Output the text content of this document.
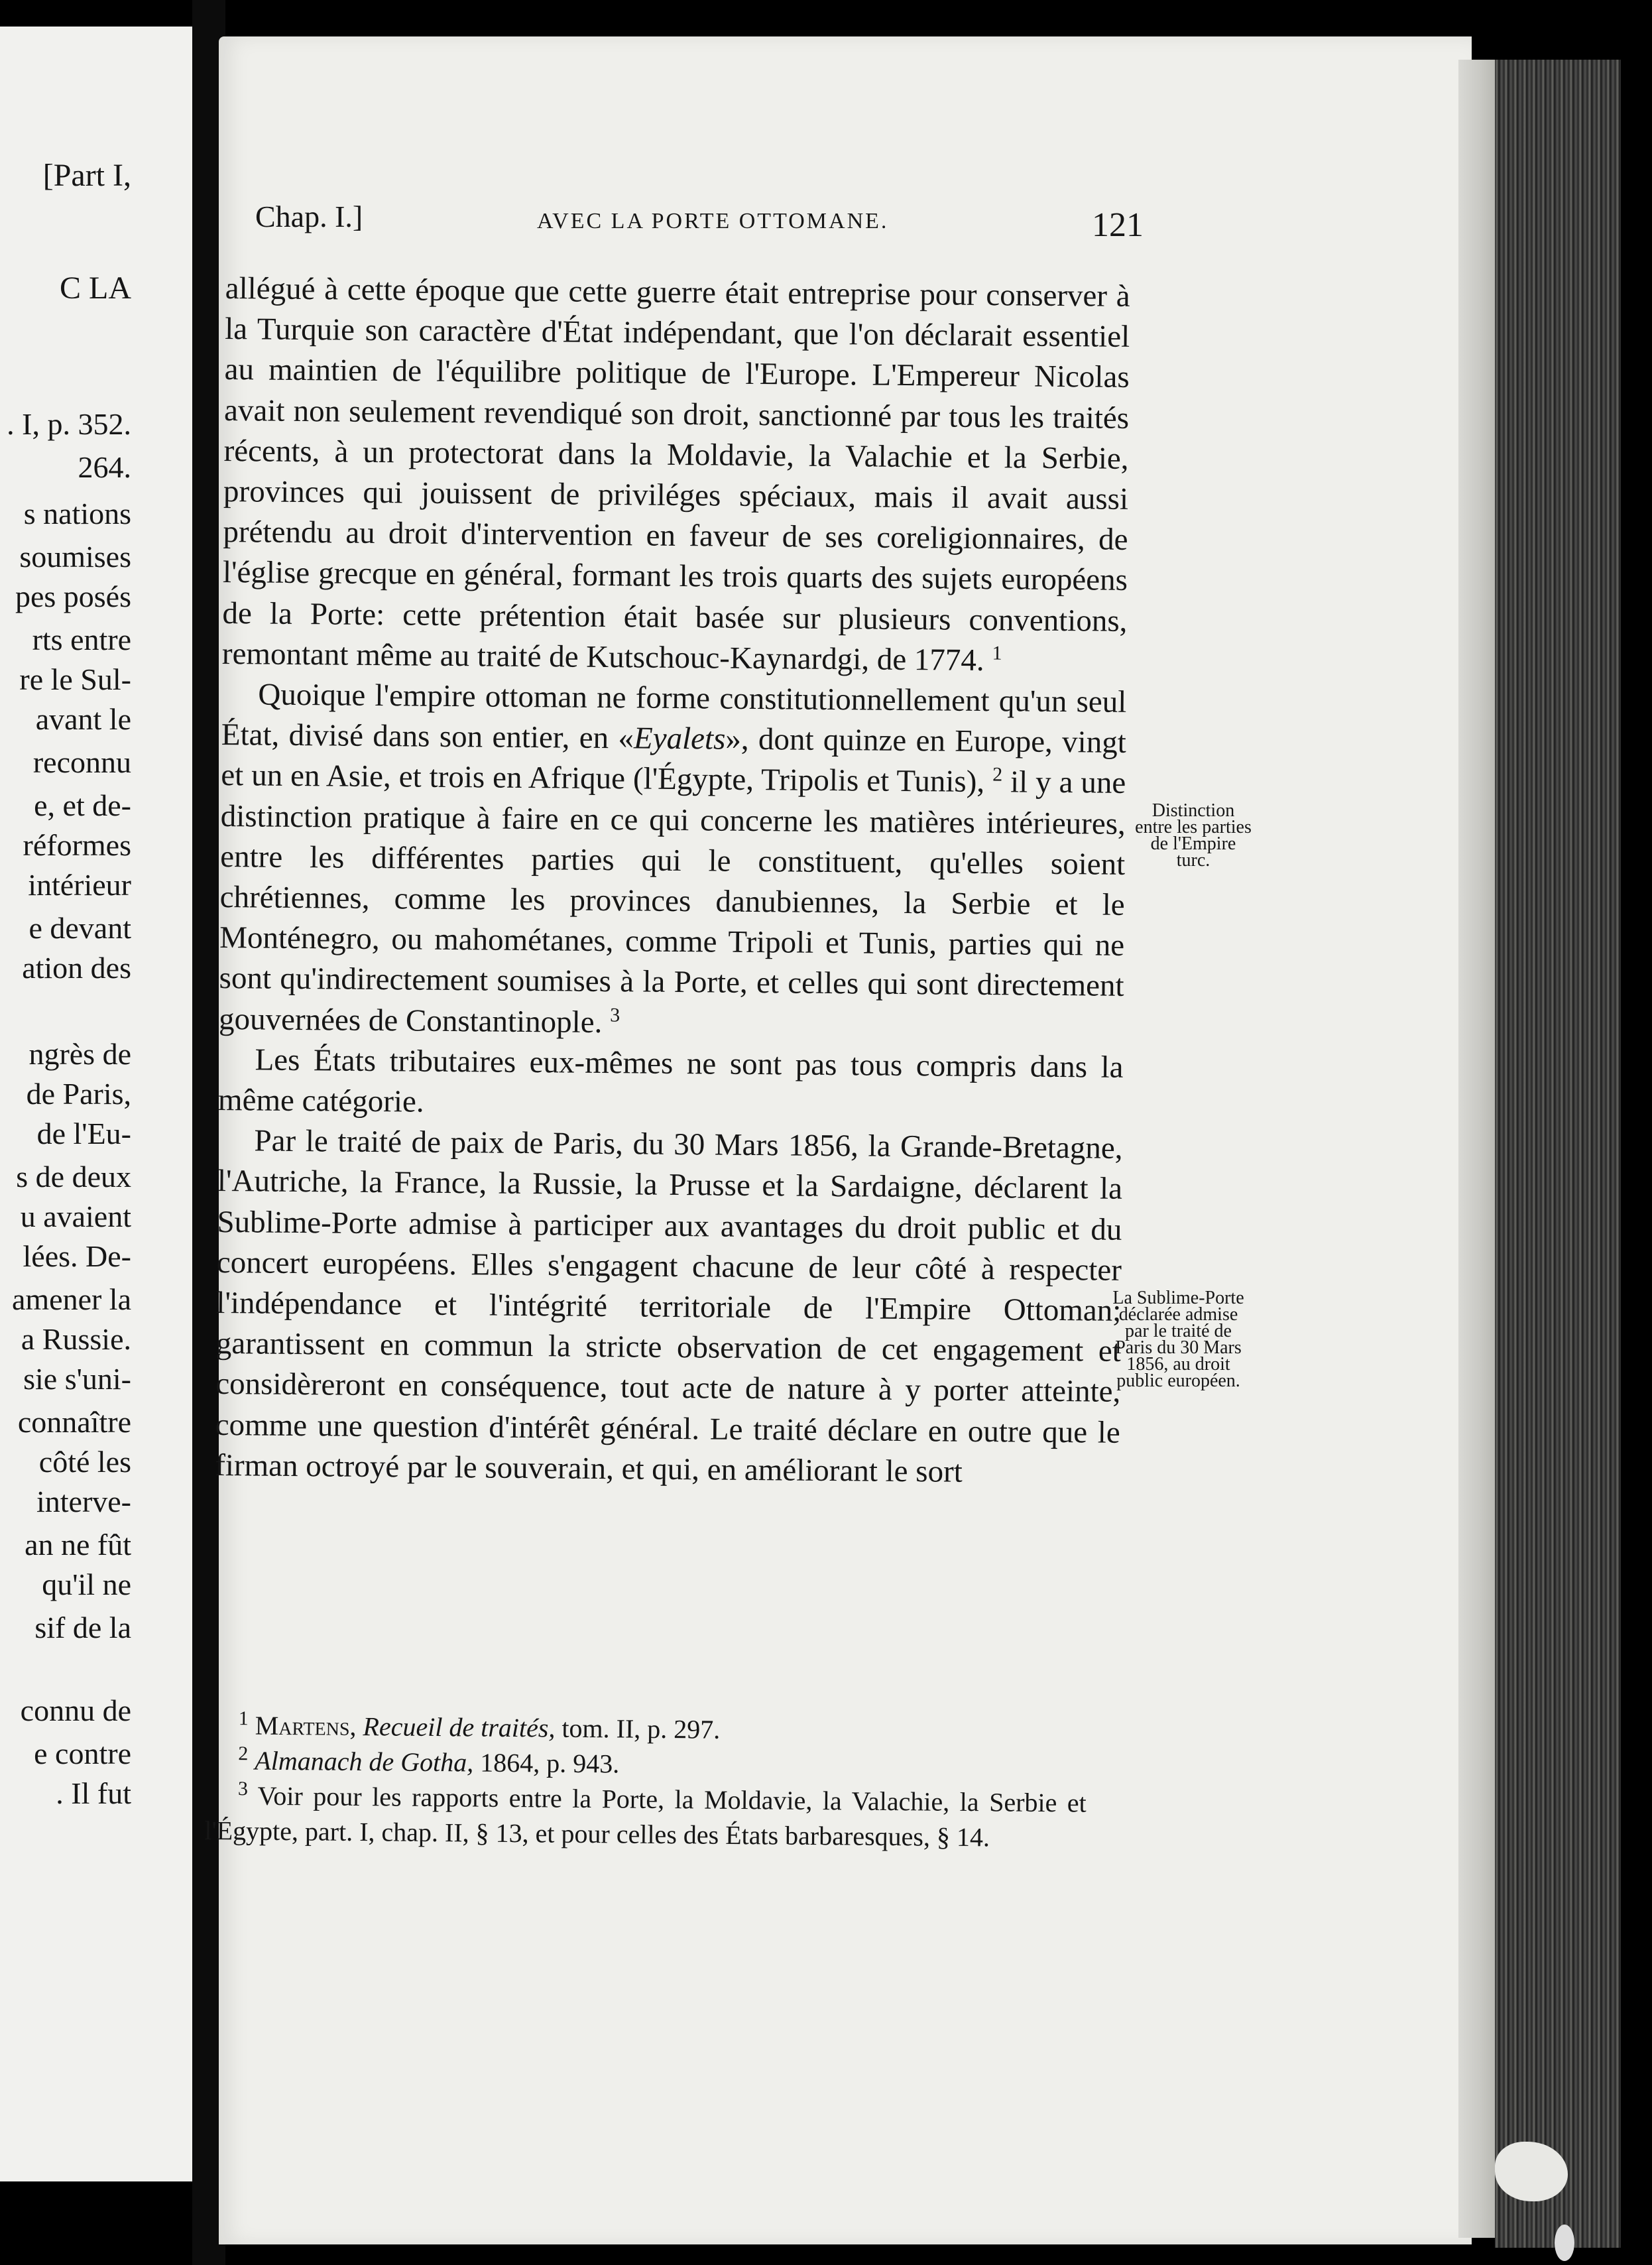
[Part I,
C LA
. I, p. 352.
264.
s nations
soumises
pes posés
rts entre
re le Sul-
avant le
reconnu
e, et de-
réformes
intérieur
e devant
ation des
ngrès de
de Paris,
de l'Eu-
s de deux
u avaient
lées. De-
amener la
a Russie.
sie s'uni-
connaître
côté les
interve-
an ne fût
qu'il ne
sif de la
connu de
e contre
. Il fut
Chap. I.]	AVEC LA PORTE OTTOMANE.	121

allégué à cette époque que cette guerre était entreprise pour conserver à la Turquie son caractère d'État indépendant, que l'on déclarait essentiel au maintien de l'équilibre politique de l'Europe. L'Empereur Nicolas avait non seulement revendiqué son droit, sanctionné par tous les traités récents, à un protectorat dans la Moldavie, la Valachie et la Serbie, provinces qui jouissent de priviléges spéciaux, mais il avait aussi prétendu au droit d'intervention en faveur de ses coreligionnaires, de l'église grecque en général, formant les trois quarts des sujets européens de la Porte: cette prétention était basée sur plusieurs conventions, remontant même au traité de Kutschouc-Kaynardgi, de 1774. $^1$

Quoique l'empire ottoman ne forme constitutionnellement qu'un seul État, divisé dans son entier, en «Eyalets», dont quinze en Europe, vingt et un en Asie, et trois en Afrique (l'Égypte, Tripolis et Tunis), $^2$ il y a une distinction pratique à faire en ce qui concerne les matières intérieures, entre les différentes parties qui le constituent, qu'elles soient chrétiennes, comme les provinces danubiennes, la Serbie et le Monténegro, ou mahométanes, comme Tripoli et Tunis, parties qui ne sont qu'indirectement soumises à la Porte, et celles qui sont directement gouvernées de Constantinople. $^3$

Les États tributaires eux-mêmes ne sont pas tous compris dans la même catégorie.

Par le traité de paix de Paris, du 30 Mars 1856, la Grande-Bretagne, l'Autriche, la France, la Russie, la Prusse et la Sardaigne, déclarent la Sublime-Porte admise à participer aux avantages du droit public et du concert européens. Elles s'engagent chacune de leur côté à respecter l'indépendance et l'intégrité territoriale de l'Empire Ottoman; garantissent en commun la stricte observation de cet engagement et considèreront en conséquence, tout acte de nature à y porter atteinte, comme une question d'intérêt général. Le traité déclare en outre que le firman octroyé par le souverain, et qui, en améliorant le sort

Distinction entre les parties de l'Empire turc.
La Sublime-Porte déclarée admise par le traité de Paris du 30 Mars 1856, au droit public européen.

$^1$ Martens, Recueil de traités, tom. II, p. 297.

$^2$ Almanach de Gotha, 1864, p. 943.

$^3$ Voir pour les rapports entre la Porte, la Moldavie, la Valachie, la Serbie et l'Égypte, part. I, chap. II, § 13, et pour celles des États barbaresques, § 14.
